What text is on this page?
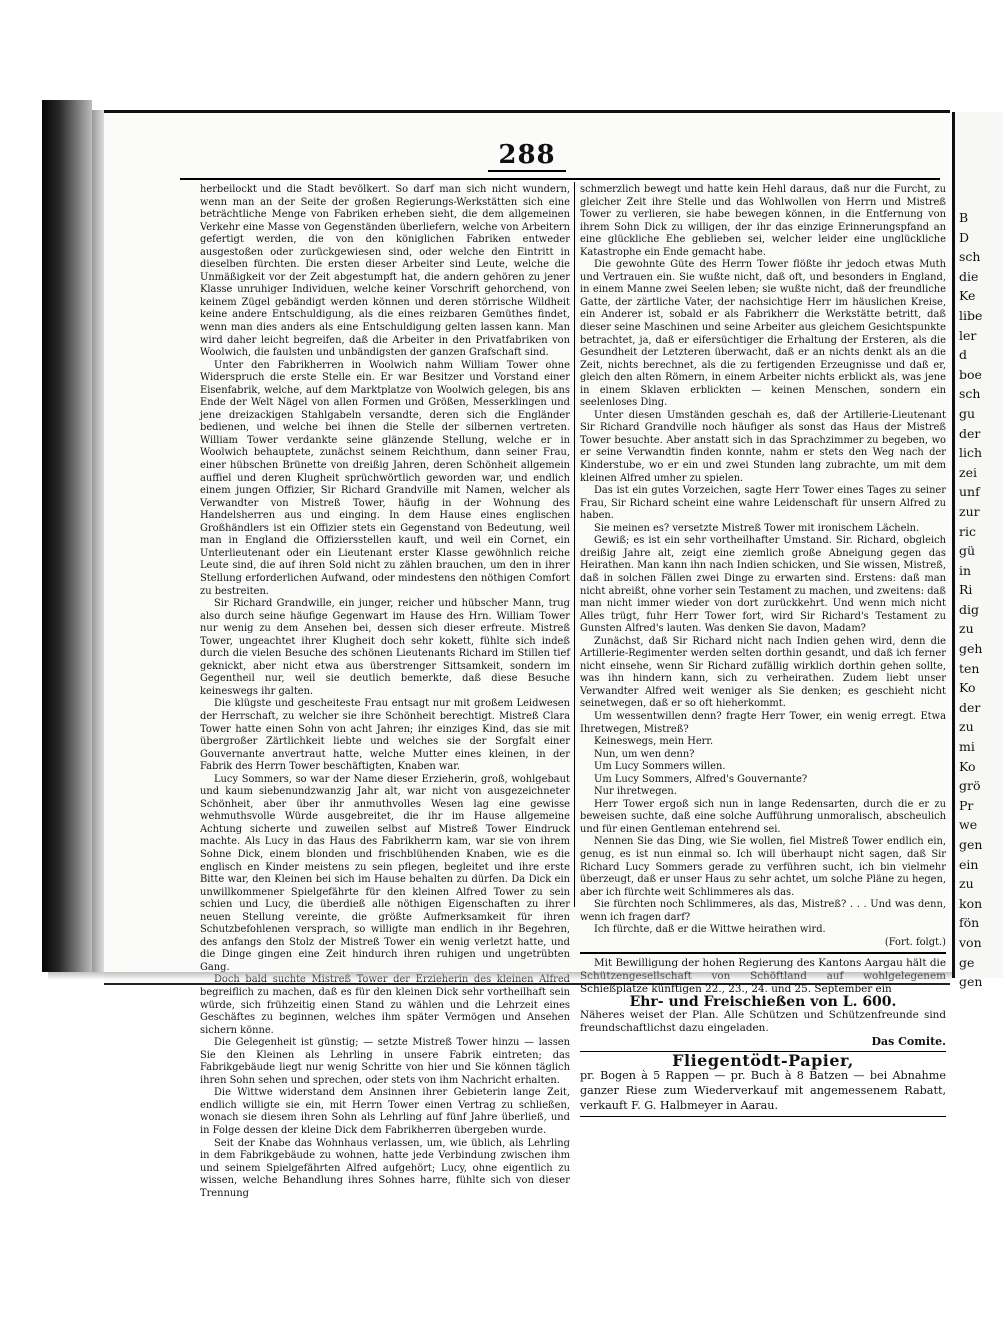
B
D
sch
die
Ke
libe
ler
d
boe
sch
gu
der
lich
zei
unf
zur
ric
gü
in
Ri
dig
zu
geh
ten
Ko
der
zu
mi
Ko
grö
Pr
we
gen
ein
zu
kon
fön
von
ge
gen
288

herbeilockt und die Stadt bevölkert. So darf man sich nicht wundern, wenn man an der Seite der großen Regierungs-Werkstätten sich eine beträchtliche Menge von Fabriken erheben sieht, die dem allgemeinen Verkehr eine Masse von Gegenständen überliefern, welche von Arbeitern gefertigt werden, die von den königlichen Fabriken entweder ausgestoßen oder zurückgewiesen sind, oder welche den Eintritt in dieselben fürchten. Die ersten dieser Arbeiter sind Leute, welche die Unmäßigkeit vor der Zeit abgestumpft hat, die andern gehören zu jener Klasse unruhiger Individuen, welche keiner Vorschrift gehorchend, von keinem Zügel gebändigt werden können und deren störrische Wildheit keine andere Entschuldigung, als die eines reizbaren Gemüthes findet, wenn man dies anders als eine Entschuldigung gelten lassen kann. Man wird daher leicht begreifen, daß die Arbeiter in den Privatfabriken von Woolwich, die faulsten und unbändigsten der ganzen Grafschaft sind.

Unter den Fabrikherren in Woolwich nahm William Tower ohne Widerspruch die erste Stelle ein. Er war Besitzer und Vorstand einer Eisenfabrik, welche, auf dem Marktplatze von Woolwich gelegen, bis ans Ende der Welt Nägel von allen Formen und Größen, Messerklingen und jene dreizackigen Stahlgabeln versandte, deren sich die Engländer bedienen, und welche bei ihnen die Stelle der silbernen vertreten. William Tower verdankte seine glänzende Stellung, welche er in Woolwich behauptete, zunächst seinem Reichthum, dann seiner Frau, einer hübschen Brünette von dreißig Jahren, deren Schönheit allgemein auffiel und deren Klugheit sprüchwörtlich geworden war, und endlich einem jungen Offizier, Sir Richard Grandville mit Namen, welcher als Verwandter von Mistreß Tower, häufig in der Wohnung des Handelsherren aus und einging. In dem Hause eines englischen Großhändlers ist ein Offizier stets ein Gegenstand von Bedeutung, weil man in England die Offiziersstellen kauft, und weil ein Cornet, ein Unterlieutenant oder ein Lieutenant erster Klasse gewöhnlich reiche Leute sind, die auf ihren Sold nicht zu zählen brauchen, um den in ihrer Stellung erforderlichen Aufwand, oder mindestens den nöthigen Comfort zu bestreiten.

Sir Richard Grandwille, ein junger, reicher und hübscher Mann, trug also durch seine häufige Gegenwart im Hause des Hrn. William Tower nur wenig zu dem Ansehen bei, dessen sich dieser erfreute. Mistreß Tower, ungeachtet ihrer Klugheit doch sehr kokett, fühlte sich indeß durch die vielen Besuche des schönen Lieutenants Richard im Stillen tief geknickt, aber nicht etwa aus überstrenger Sittsamkeit, sondern im Gegentheil nur, weil sie deutlich bemerkte, daß diese Besuche keineswegs ihr galten.

Die klügste und gescheiteste Frau entsagt nur mit großem Leidwesen der Herrschaft, zu welcher sie ihre Schönheit berechtigt. Mistreß Clara Tower hatte einen Sohn von acht Jahren; ihr einziges Kind, das sie mit übergroßer Zärtlichkeit liebte und welches sie der Sorgfalt einer Gouvernante anvertraut hatte, welche Mutter eines kleinen, in der Fabrik des Herrn Tower beschäftigten, Knaben war.

Lucy Sommers, so war der Name dieser Erzieherin, groß, wohlgebaut und kaum siebenundzwanzig Jahr alt, war nicht von ausgezeichneter Schönheit, aber über ihr anmuthvolles Wesen lag eine gewisse wehmuthsvolle Würde ausgebreitet, die ihr im Hause allgemeine Achtung sicherte und zuweilen selbst auf Mistreß Tower Eindruck machte. Als Lucy in das Haus des Fabrikherrn kam, war sie von ihrem Sohne Dick, einem blonden und frischblühenden Knaben, wie es die englisch en Kinder meistens zu sein pflegen, begleitet und ihre erste Bitte war, den Kleinen bei sich im Hause behalten zu dürfen. Da Dick ein unwillkommener Spielgefährte für den kleinen Alfred Tower zu sein schien und Lucy, die überdieß alle nöthigen Eigenschaften zu ihrer neuen Stellung vereinte, die größte Aufmerksamkeit für ihren Schutzbefohlenen versprach, so willigte man endlich in ihr Begehren, des anfangs den Stolz der Mistreß Tower ein wenig verletzt hatte, und die Dinge gingen eine Zeit hindurch ihren ruhigen und ungetrübten Gang.

Doch bald suchte Mistreß Tower der Erzieherin des kleinen Alfred begreiflich zu machen, daß es für den kleinen Dick sehr vortheilhaft sein würde, sich frühzeitig einen Stand zu wählen und die Lehrzeit eines Geschäftes zu beginnen, welches ihm später Vermögen und Ansehen sichern könne.

Die Gelegenheit ist günstig; — setzte Mistreß Tower hinzu — lassen Sie den Kleinen als Lehrling in unsere Fabrik eintreten; das Fabrikgebäude liegt nur wenig Schritte von hier und Sie können täglich ihren Sohn sehen und sprechen, oder stets von ihm Nachricht erhalten.

Die Wittwe widerstand dem Ansinnen ihrer Gebieterin lange Zeit, endlich willigte sie ein, mit Herrn Tower einen Vertrag zu schließen, wonach sie diesem ihren Sohn als Lehrling auf fünf Jahre überließ, und in Folge dessen der kleine Dick dem Fabrikherren übergeben wurde.

Seit der Knabe das Wohnhaus verlassen, um, wie üblich, als Lehrling in dem Fabrikgebäude zu wohnen, hatte jede Verbindung zwischen ihm und seinem Spielgefährten Alfred aufgehört; Lucy, ohne eigentlich zu wissen, welche Behandlung ihres Sohnes harre, fühlte sich von dieser Trennung

schmerzlich bewegt und hatte kein Hehl daraus, daß nur die Furcht, zu gleicher Zeit ihre Stelle und das Wohlwollen von Herrn und Mistreß Tower zu verlieren, sie habe bewegen können, in die Entfernung von ihrem Sohn Dick zu willigen, der ihr das einzige Erinnerungspfand an eine glückliche Ehe geblieben sei, welcher leider eine unglückliche Katastrophe ein Ende gemacht habe.

Die gewohnte Güte des Herrn Tower flößte ihr jedoch etwas Muth und Vertrauen ein. Sie wußte nicht, daß oft, und besonders in England, in einem Manne zwei Seelen leben; sie wußte nicht, daß der freundliche Gatte, der zärtliche Vater, der nachsichtige Herr im häuslichen Kreise, ein Anderer ist, sobald er als Fabrikherr die Werkstätte betritt, daß dieser seine Maschinen und seine Arbeiter aus gleichem Gesichtspunkte betrachtet, ja, daß er eifersüchtiger die Erhaltung der Ersteren, als die Gesundheit der Letzteren überwacht, daß er an nichts denkt als an die Zeit, nichts berechnet, als die zu fertigenden Erzeugnisse und daß er, gleich den alten Römern, in einem Arbeiter nichts erblickt als, was jene in einem Sklaven erblickten — keinen Menschen, sondern ein seelenloses Ding.

Unter diesen Umständen geschah es, daß der Artillerie-Lieutenant Sir Richard Grandville noch häufiger als sonst das Haus der Mistreß Tower besuchte. Aber anstatt sich in das Sprachzimmer zu begeben, wo er seine Verwandtin finden konnte, nahm er stets den Weg nach der Kinderstube, wo er ein und zwei Stunden lang zubrachte, um mit dem kleinen Alfred umher zu spielen.

Das ist ein gutes Vorzeichen, sagte Herr Tower eines Tages zu seiner Frau, Sir Richard scheint eine wahre Leidenschaft für unsern Alfred zu haben.

Sie meinen es? versetzte Mistreß Tower mit ironischem Lächeln.

Gewiß; es ist ein sehr vortheilhafter Umstand. Sir. Richard, obgleich dreißig Jahre alt, zeigt eine ziemlich große Abneigung gegen das Heirathen. Man kann ihn nach Indien schicken, und Sie wissen, Mistreß, daß in solchen Fällen zwei Dinge zu erwarten sind. Erstens: daß man nicht abreißt, ohne vorher sein Testament zu machen, und zweitens: daß man nicht immer wieder von dort zurückkehrt. Und wenn mich nicht Alles trügt, fuhr Herr Tower fort, wird Sir Richard's Testament zu Gunsten Alfred's lauten. Was denken Sie davon, Madam?

Zunächst, daß Sir Richard nicht nach Indien gehen wird, denn die Artillerie-Regimenter werden selten dorthin gesandt, und daß ich ferner nicht einsehe, wenn Sir Richard zufällig wirklich dorthin gehen sollte, was ihn hindern kann, sich zu verheirathen. Zudem liebt unser Verwandter Alfred weit weniger als Sie denken; es geschieht nicht seinetwegen, daß er so oft hieherkommt.

Um wessentwillen denn? fragte Herr Tower, ein wenig erregt. Etwa Ihretwegen, Mistreß?

Keineswegs, mein Herr.

Nun, um wen denn?

Um Lucy Sommers willen.

Um Lucy Sommers, Alfred's Gouvernante?

Nur ihretwegen.

Herr Tower ergoß sich nun in lange Redensarten, durch die er zu beweisen suchte, daß eine solche Aufführung unmoralisch, abscheulich und für einen Gentleman entehrend sei.

Nennen Sie das Ding, wie Sie wollen, fiel Mistreß Tower endlich ein, genug, es ist nun einmal so. Ich will überhaupt nicht sagen, daß Sir Richard Lucy Sommers gerade zu verführen sucht, ich bin vielmehr überzeugt, daß er unser Haus zu sehr achtet, um solche Pläne zu hegen, aber ich fürchte weit Schlimmeres als das.

Sie fürchten noch Schlimmeres, als das, Mistreß? . . . Und was denn, wenn ich fragen darf?

Ich fürchte, daß er die Wittwe heirathen wird.

(Fort. folgt.)

Mit Bewilligung der hohen Regierung des Kantons Aargau hält die Schützengesellschaft von Schöftland auf wohlgelegenem Schießplatze künftigen 22., 23., 24. und 25. September ein

Ehr- und Freischießen von L. 600.

Näheres weiset der Plan. Alle Schützen und Schützenfreunde sind freundschaftlichst dazu eingeladen.

Das Comite.

Fliegentödt-Papier,

pr. Bogen à 5 Rappen — pr. Buch à 8 Batzen — bei Abnahme ganzer Riese zum Wiederverkauf mit angemessenem Rabatt, verkauft F. G. Halbmeyer in Aarau.
